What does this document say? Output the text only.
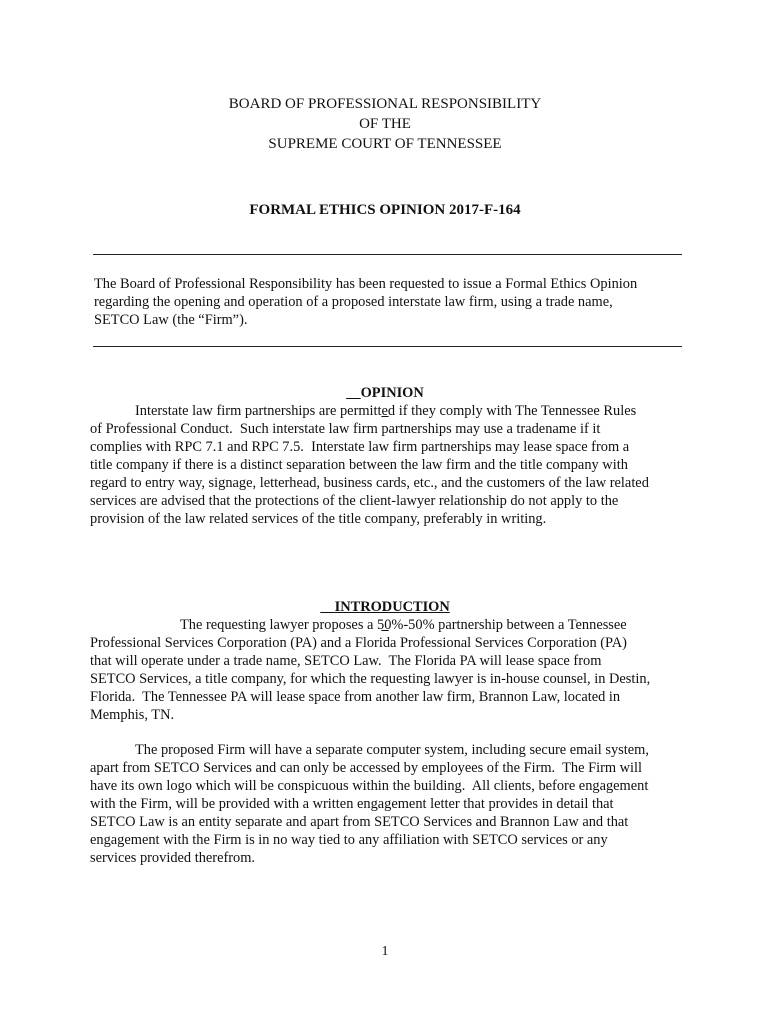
BOARD OF PROFESSIONAL RESPONSIBILITY
OF THE
SUPREME COURT OF TENNESSEE
FORMAL ETHICS OPINION 2017-F-164
The Board of Professional Responsibility has been requested to issue a Formal Ethics Opinion
regarding the opening and operation of a proposed interstate law firm, using a trade name,
SETCO Law (the “Firm”).

OPINION

Interstate law firm partnerships are permitted if they comply with The Tennessee Rules
of Professional Conduct.  Such interstate law firm partnerships may use a tradename if it
complies with RPC 7.1 and RPC 7.5.  Interstate law firm partnerships may lease space from a
title company if there is a distinct separation between the law firm and the title company with
regard to entry way, signage, letterhead, business cards, etc., and the customers of the law related
services are advised that the protections of the client-lawyer relationship do not apply to the
provision of the law related services of the title company, preferably in writing.

INTRODUCTION

The requesting lawyer proposes a 50%-50% partnership between a Tennessee
Professional Services Corporation (PA) and a Florida Professional Services Corporation (PA)
that will operate under a trade name, SETCO Law.  The Florida PA will lease space from
SETCO Services, a title company, for which the requesting lawyer is in-house counsel, in Destin,
Florida.  The Tennessee PA will lease space from another law firm, Brannon Law, located in
Memphis, TN.
The proposed Firm will have a separate computer system, including secure email system,
apart from SETCO Services and can only be accessed by employees of the Firm.  The Firm will
have its own logo which will be conspicuous within the building.  All clients, before engagement
with the Firm, will be provided with a written engagement letter that provides in detail that
SETCO Law is an entity separate and apart from SETCO Services and Brannon Law and that
engagement with the Firm is in no way tied to any affiliation with SETCO services or any
services provided therefrom.
1
